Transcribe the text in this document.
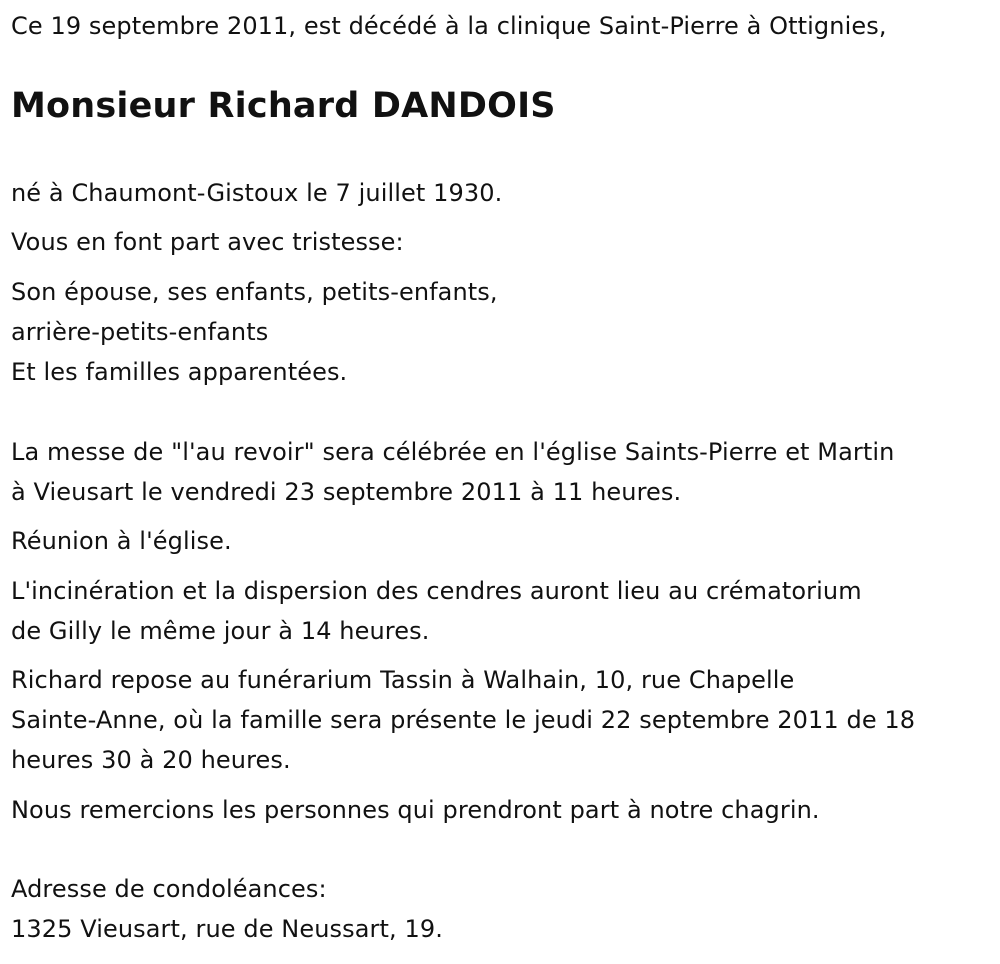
Ce 19 septembre 2011, est décédé à la clinique Saint-Pierre à Ottignies,
Monsieur Richard DANDOIS
né à Chaumont-Gistoux le 7 juillet 1930.
Vous en font part avec tristesse:
Son épouse, ses enfants, petits-enfants,
arrière-petits-enfants
Et les familles apparentées.
La messe de "l'au revoir" sera célébrée en l'église Saints-Pierre et Martin
à Vieusart le vendredi 23 septembre 2011 à 11 heures.
Réunion à l'église.
L'incinération et la dispersion des cendres auront lieu au crématorium
de Gilly le même jour à 14 heures.
Richard repose au funérarium Tassin à Walhain, 10, rue Chapelle
Sainte-Anne, où la famille sera présente le jeudi 22 septembre 2011 de 18
heures 30 à 20 heures.
Nous remercions les personnes qui prendront part à notre chagrin.
Adresse de condoléances:
1325 Vieusart, rue de Neussart, 19.
